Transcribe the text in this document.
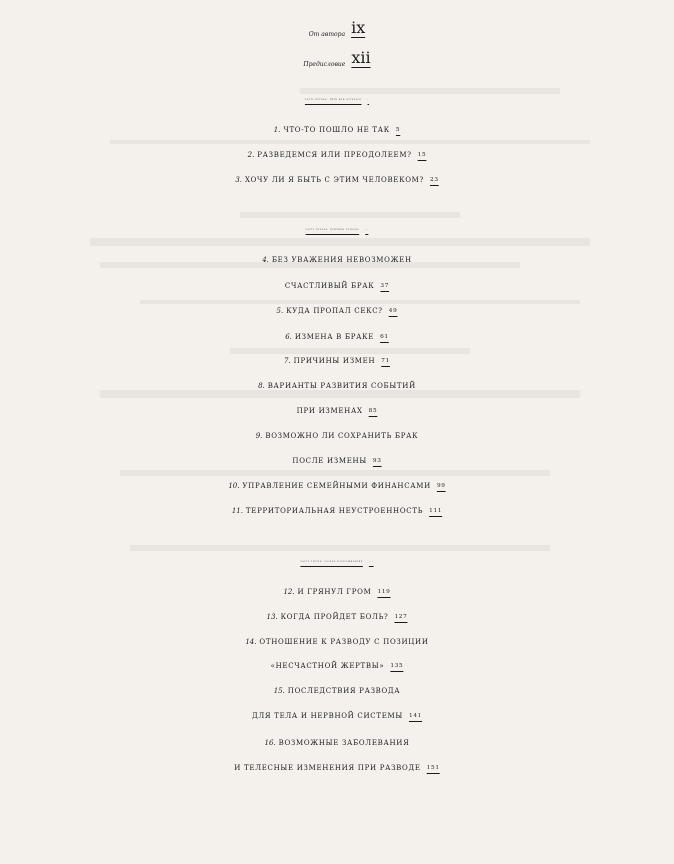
От автора ix
Предисловие xii
ЧАСТЬ ПЕРВАЯ. УЙТИ ИЛИ ОСТАТЬСЯ	1
1. ЧТО-ТО ПОШЛО НЕ ТАК 5
2. РАЗВЕДЕМСЯ ИЛИ ПРЕОДОЛЕЕМ? 15
3. ХОЧУ ЛИ Я БЫТЬ С ЭТИМ ЧЕЛОВЕКОМ? 23
ЧАСТЬ ВТОРАЯ. ПРИЧИНЫ РАЗВОДА	33
4. БЕЗ УВАЖЕНИЯ НЕВОЗМОЖЕН
СЧАСТЛИВЫЙ БРАК 37
5. КУДА ПРОПАЛ СЕКС? 49
6. ИЗМЕНА В БРАКЕ 61
7. ПРИЧИНЫ ИЗМЕН 71
8. ВАРИАНТЫ РАЗВИТИЯ СОБЫТИЙ
ПРИ ИЗМЕНАХ 85
9. ВОЗМОЖНО ЛИ СОХРАНИТЬ БРАК
ПОСЛЕ ИЗМЕНЫ 93
10. УПРАВЛЕНИЕ СЕМЕЙНЫМИ ФИНАНСАМИ 99
11. ТЕРРИТОРИАЛЬНАЯ НЕУСТРОЕННОСТЬ 111
ЧАСТЬ ТРЕТЬЯ. РАЗВОД И ПЕРЕЖИВАНИЯ	115
12. И ГРЯНУЛ ГРОМ 119
13. КОГДА ПРОЙДЕТ БОЛЬ? 127
14. ОТНОШЕНИЕ К РАЗВОДУ С ПОЗИЦИИ
«НЕСЧАСТНОЙ ЖЕРТВЫ» 135
15. ПОСЛЕДСТВИЯ РАЗВОДА
ДЛЯ ТЕЛА И НЕРВНОЙ СИСТЕМЫ 141
16. ВОЗМОЖНЫЕ ЗАБОЛЕВАНИЯ
И ТЕЛЕСНЫЕ ИЗМЕНЕНИЯ ПРИ РАЗВОДЕ 151
